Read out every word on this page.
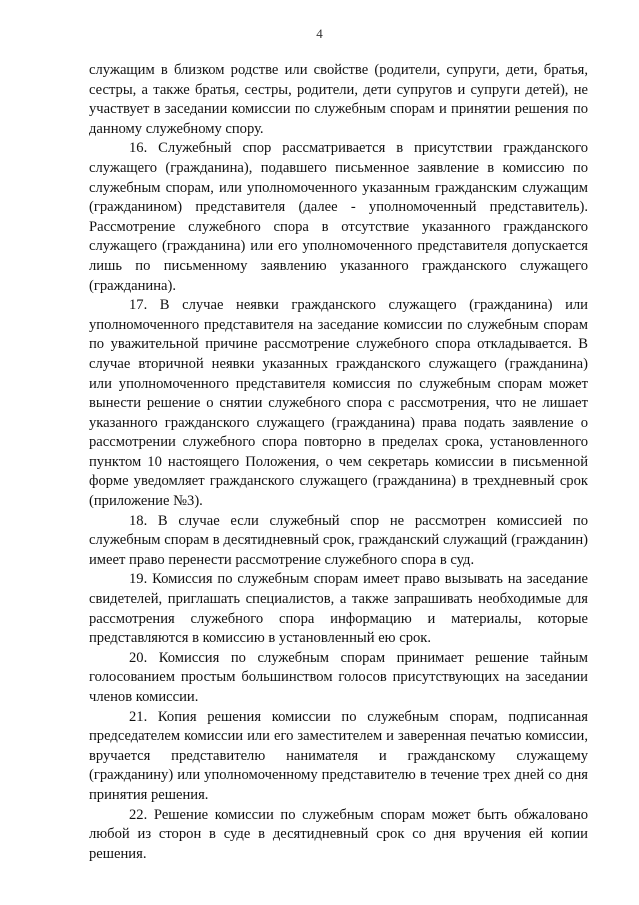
4

служащим в близком родстве или свойстве (родители, супруги, дети, братья, сестры, а также братья, сестры, родители, дети супругов и супруги детей), не участвует в заседании комиссии по служебным спорам и принятии решения по данному служебному спору.

16. Служебный спор рассматривается в присутствии гражданского служащего (гражданина), подавшего письменное заявление в комиссию по служебным спорам, или уполномоченного указанным гражданским служащим (гражданином) представителя (далее - уполномоченный представитель). Рассмотрение служебного спора в отсутствие указанного гражданского служащего (гражданина) или его уполномоченного представителя допускается лишь по письменному заявлению указанного гражданского служащего (гражданина).

17. В случае неявки гражданского служащего (гражданина) или уполномоченного представителя на заседание комиссии по служебным спорам по уважительной причине рассмотрение служебного спора откладывается. В случае вторичной неявки указанных гражданского служащего (гражданина) или уполномоченного представителя комиссия по служебным спорам может вынести решение о снятии служебного спора с рассмотрения, что не лишает указанного гражданского служащего (гражданина) права подать заявление о рассмотрении служебного спора повторно в пределах срока, установленного пунктом 10 настоящего Положения, о чем секретарь комиссии в письменной форме уведомляет гражданского служащего (гражданина) в трехдневный срок (приложение №3).

18. В случае если служебный спор не рассмотрен комиссией по служебным спорам в десятидневный срок, гражданский служащий (гражданин) имеет право перенести рассмотрение служебного спора в суд.

19. Комиссия по служебным спорам имеет право вызывать на заседание свидетелей, приглашать специалистов, а также запрашивать необходимые для рассмотрения служебного спора информацию и материалы, которые представляются в комиссию в установленный ею срок.

20. Комиссия по служебным спорам принимает решение тайным голосованием простым большинством голосов присутствующих на заседании членов комиссии.

21. Копия решения комиссии по служебным спорам, подписанная председателем комиссии или его заместителем и заверенная печатью комиссии, вручается представителю нанимателя и гражданскому служащему (гражданину) или уполномоченному представителю в течение трех дней со дня принятия решения.

22. Решение комиссии по служебным спорам может быть обжаловано любой из сторон в суде в десятидневный срок со дня вручения ей копии решения.
